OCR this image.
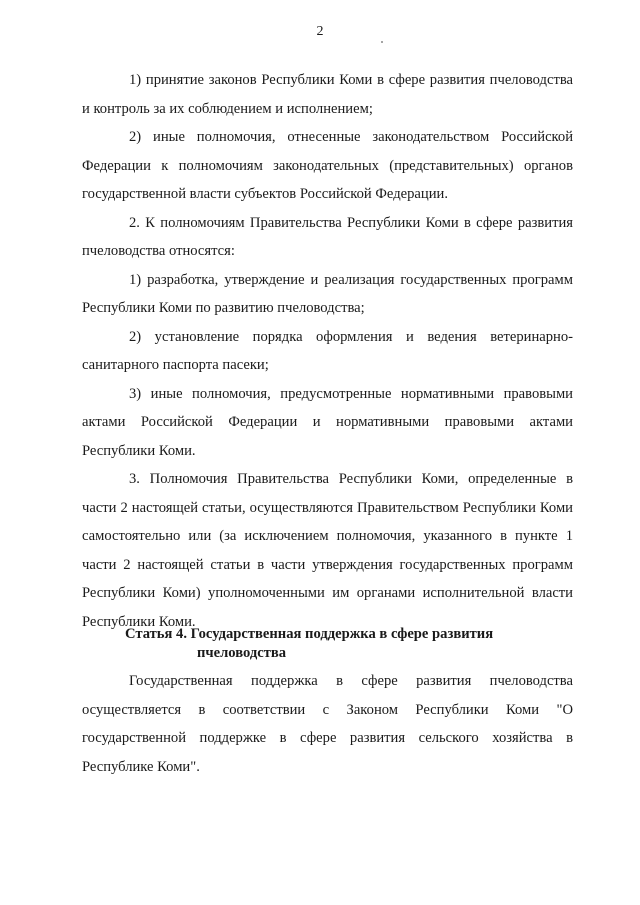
2

1) принятие законов Республики Коми в сфере развития пчеловодства и контроль за их соблюдением и исполнением;

2) иные полномочия, отнесенные законодательством Российской Федерации к полномочиям законодательных (представительных) органов государственной власти субъектов Российской Федерации.

2. К полномочиям Правительства Республики Коми в сфере развития пчеловодства относятся:

1) разработка, утверждение и реализация государственных программ Республики Коми по развитию пчеловодства;

2) установление порядка оформления и ведения ветеринарно-санитарного паспорта пасеки;

3) иные полномочия, предусмотренные нормативными правовыми актами Российской Федерации и нормативными правовыми актами Республики Коми.

3. Полномочия Правительства Республики Коми, определенные в части 2 настоящей статьи, осуществляются Правительством Республики Коми самостоятельно или (за исключением полномочия, указанного в пункте 1 части 2 настоящей статьи в части утверждения государственных программ Республики Коми) уполномоченными им органами исполнительной власти Республики Коми.

Статья 4. Государственная поддержка в сфере развития
пчеловодства

Государственная поддержка в сфере развития пчеловодства осуществляется в соответствии с Законом Республики Коми "О государственной поддержке в сфере развития сельского хозяйства в Республике Коми".
